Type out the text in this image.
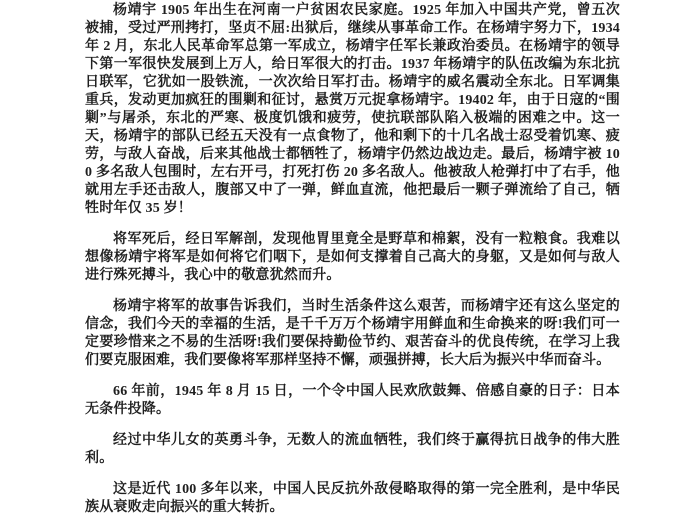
杨靖宇 1905 年出生在河南一户贫困农民家庭。1925 年加入中国共产党，曾五次被捕，受过严刑拷打，坚贞不屈:出狱后，继续从事革命工作。在杨靖宇努力下，1934 年 2 月，东北人民革命军总第一军成立，杨靖宇任军长兼政治委员。在杨靖宇的领导下第一军很快发展到上万人，给日军很大的打击。1937 年杨靖宇的队伍改编为东北抗日联军，它犹如一股铁流，一次次给日军打击。杨靖宇的威名震动全东北。日军调集重兵，发动更加疯狂的围剿和征讨，悬赏万元捉拿杨靖宇。19402 年，由于日寇的“围剿”与屠杀，东北的严寒、极度饥饿和疲劳，使抗联部队陷入极端的困难之中。这一天，杨靖宇的部队已经五天没有一点食物了，他和剩下的十几名战士忍受着饥寒、疲劳，与敌人奋战，后来其他战士都牺牲了，杨靖宇仍然边战边走。最后，杨靖宇被 100 多名敌人包围时，左右开弓，打死打伤 20 多名敌人。他被敌人枪弹打中了右手，他就用左手还击敌人，腹部又中了一弹，鲜血直流，他把最后一颗子弹流给了自己，牺牲时年仅 35 岁！

将军死后，经日军解剖，发现他胃里竟全是野草和棉絮，没有一粒粮食。我难以想像杨靖宇将军是如何将它们咽下，是如何支撑着自己高大的身躯，又是如何与敌人进行殊死搏斗，我心中的敬意犹然而升。

杨靖宇将军的故事告诉我们，当时生活条件这么艰苦，而杨靖宇还有这么坚定的信念，我们今天的幸福的生活，是千千万万个杨靖宇用鲜血和生命换来的呀!我们可一定要珍惜来之不易的生活呀!我们要保持勤俭节约、艰苦奋斗的优良传统，在学习上我们要克服困难，我们要像将军那样坚持不懈，顽强拼搏，长大后为振兴中华而奋斗。

66 年前，1945 年 8 月 15 日，一个令中国人民欢欣鼓舞、倍感自豪的日子：日本无条件投降。

经过中华儿女的英勇斗争，无数人的流血牺牲，我们终于赢得抗日战争的伟大胜利。

这是近代 100 多年以来，中国人民反抗外敌侵略取得的第一完全胜利，是中华民族从衰败走向振兴的重大转折。
